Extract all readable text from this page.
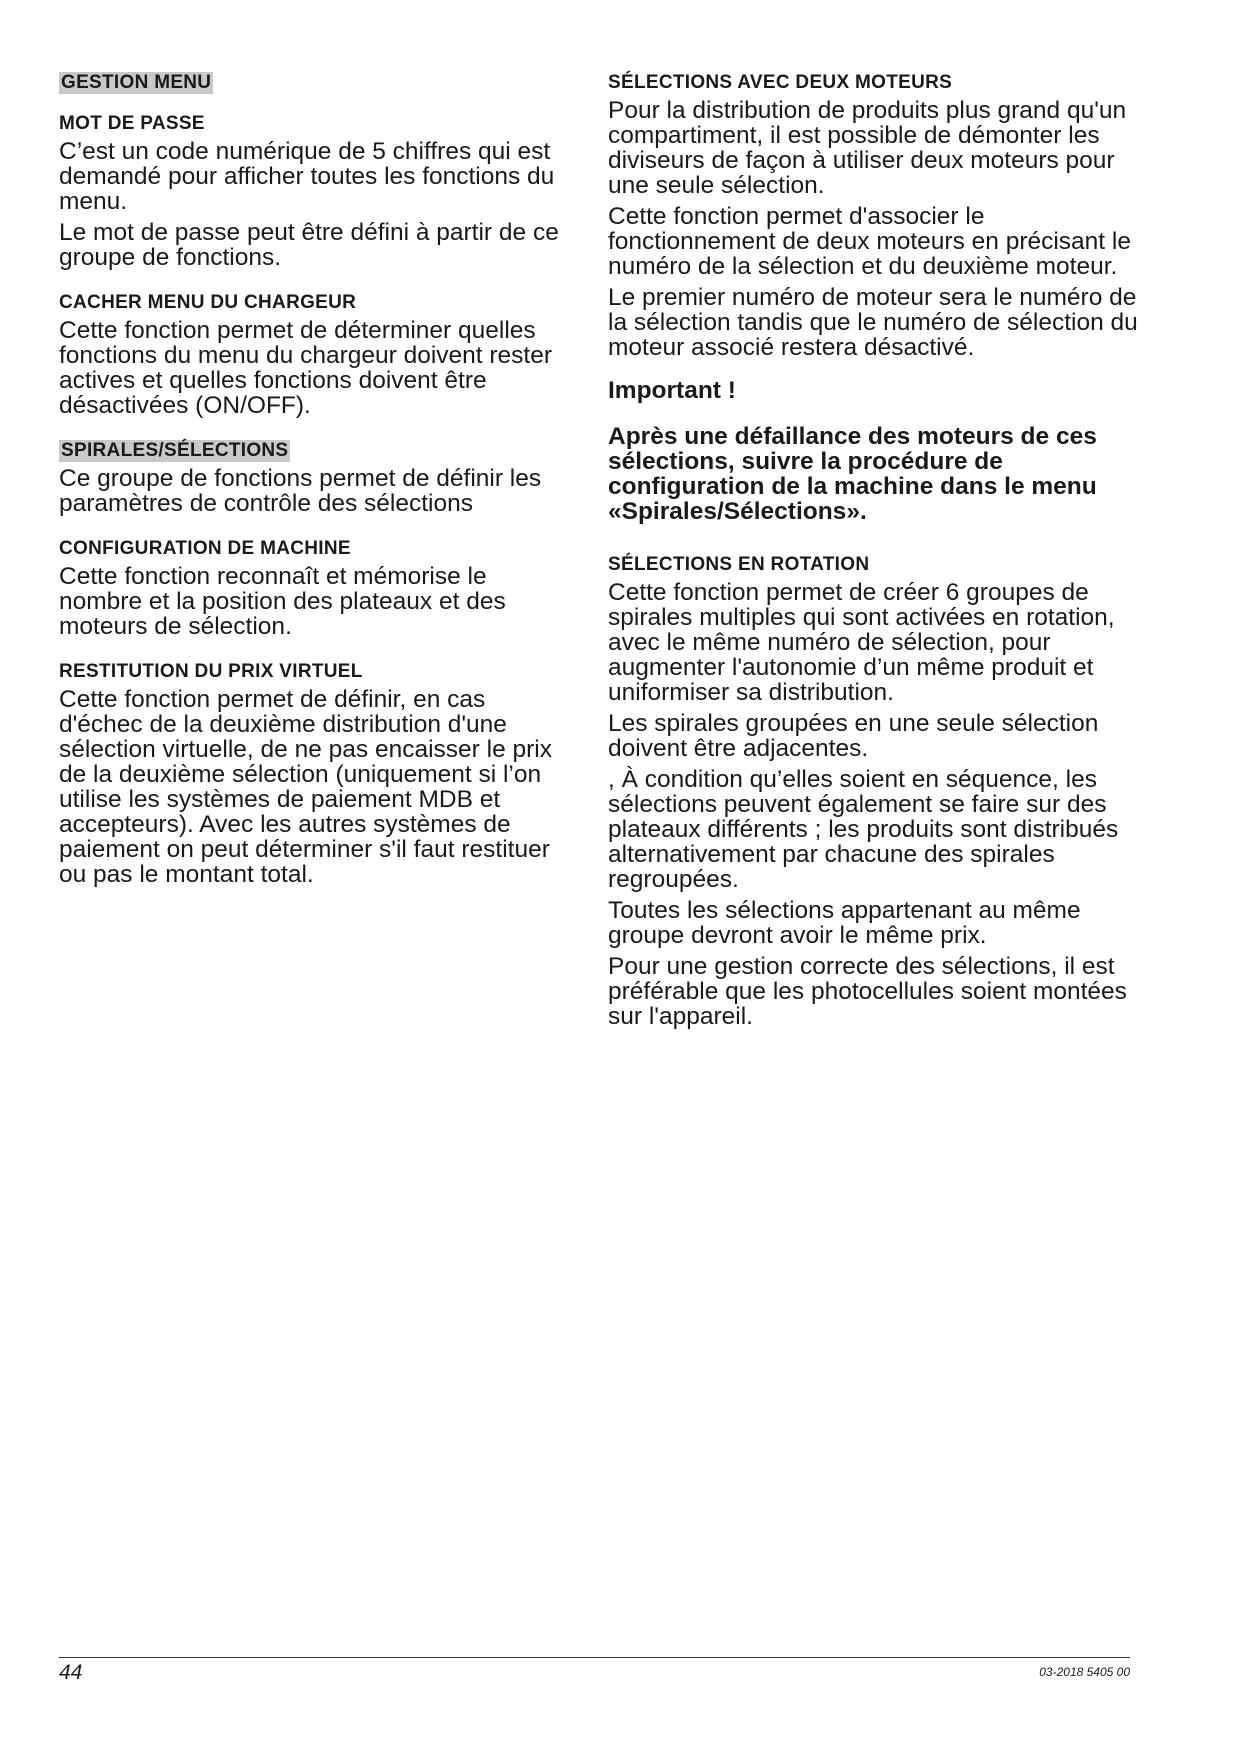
GESTION MENU
MOT DE PASSE

C’est un code numérique de 5 chiffres qui est demandé pour afficher toutes les fonctions du menu.

Le mot de passe peut être défini à partir de ce groupe de fonctions.

CACHER MENU DU CHARGEUR

Cette fonction permet de déterminer quelles fonctions du menu du chargeur doivent rester actives et quelles fonctions doivent être désactivées (ON/OFF).

SPIRALES/SÉLECTIONS

Ce groupe de fonctions permet de définir les paramètres de contrôle des sélections

CONFIGURATION DE MACHINE

Cette fonction reconnaît et mémorise le nombre et la position des plateaux et des moteurs de sélection.

RESTITUTION DU PRIX VIRTUEL

Cette fonction permet de définir, en cas d'échec de la deuxième distribution d'une sélection virtuelle, de ne pas encaisser le prix de la deuxième sélection (uniquement si l’on utilise les systèmes de paiement MDB et accepteurs). Avec les autres systèmes de paiement on peut déterminer s'il faut restituer ou pas le montant total.

SÉLECTIONS AVEC DEUX MOTEURS

Pour la distribution de produits plus grand qu'un compartiment, il est possible de démonter les diviseurs de façon à utiliser deux moteurs pour une seule sélection.

Cette fonction permet d'associer le fonctionnement de deux moteurs en précisant le numéro de la sélection et du deuxième moteur.

Le premier numéro de moteur sera le numéro de la sélection tandis que le numéro de sélection du moteur associé restera désactivé.

Important !

Après une défaillance des moteurs de ces sélections, suivre la procédure de configuration de la machine dans le menu «Spirales/Sélections».

SÉLECTIONS EN ROTATION

Cette fonction permet de créer 6 groupes de spirales multiples qui sont activées en rotation, avec le même numéro de sélection, pour augmenter l'autonomie d’un même produit et uniformiser sa distribution.

Les spirales groupées en une seule sélection doivent être adjacentes.

, À condition qu’elles soient en séquence, les sélections peuvent également se faire sur des plateaux différents ; les produits sont distribués alternativement par chacune des spirales regroupées.

Toutes les sélections appartenant au même groupe devront avoir le même prix.

Pour une gestion correcte des sélections, il est préférable que les photocellules soient montées sur l'appareil.

44	03-2018 5405 00
